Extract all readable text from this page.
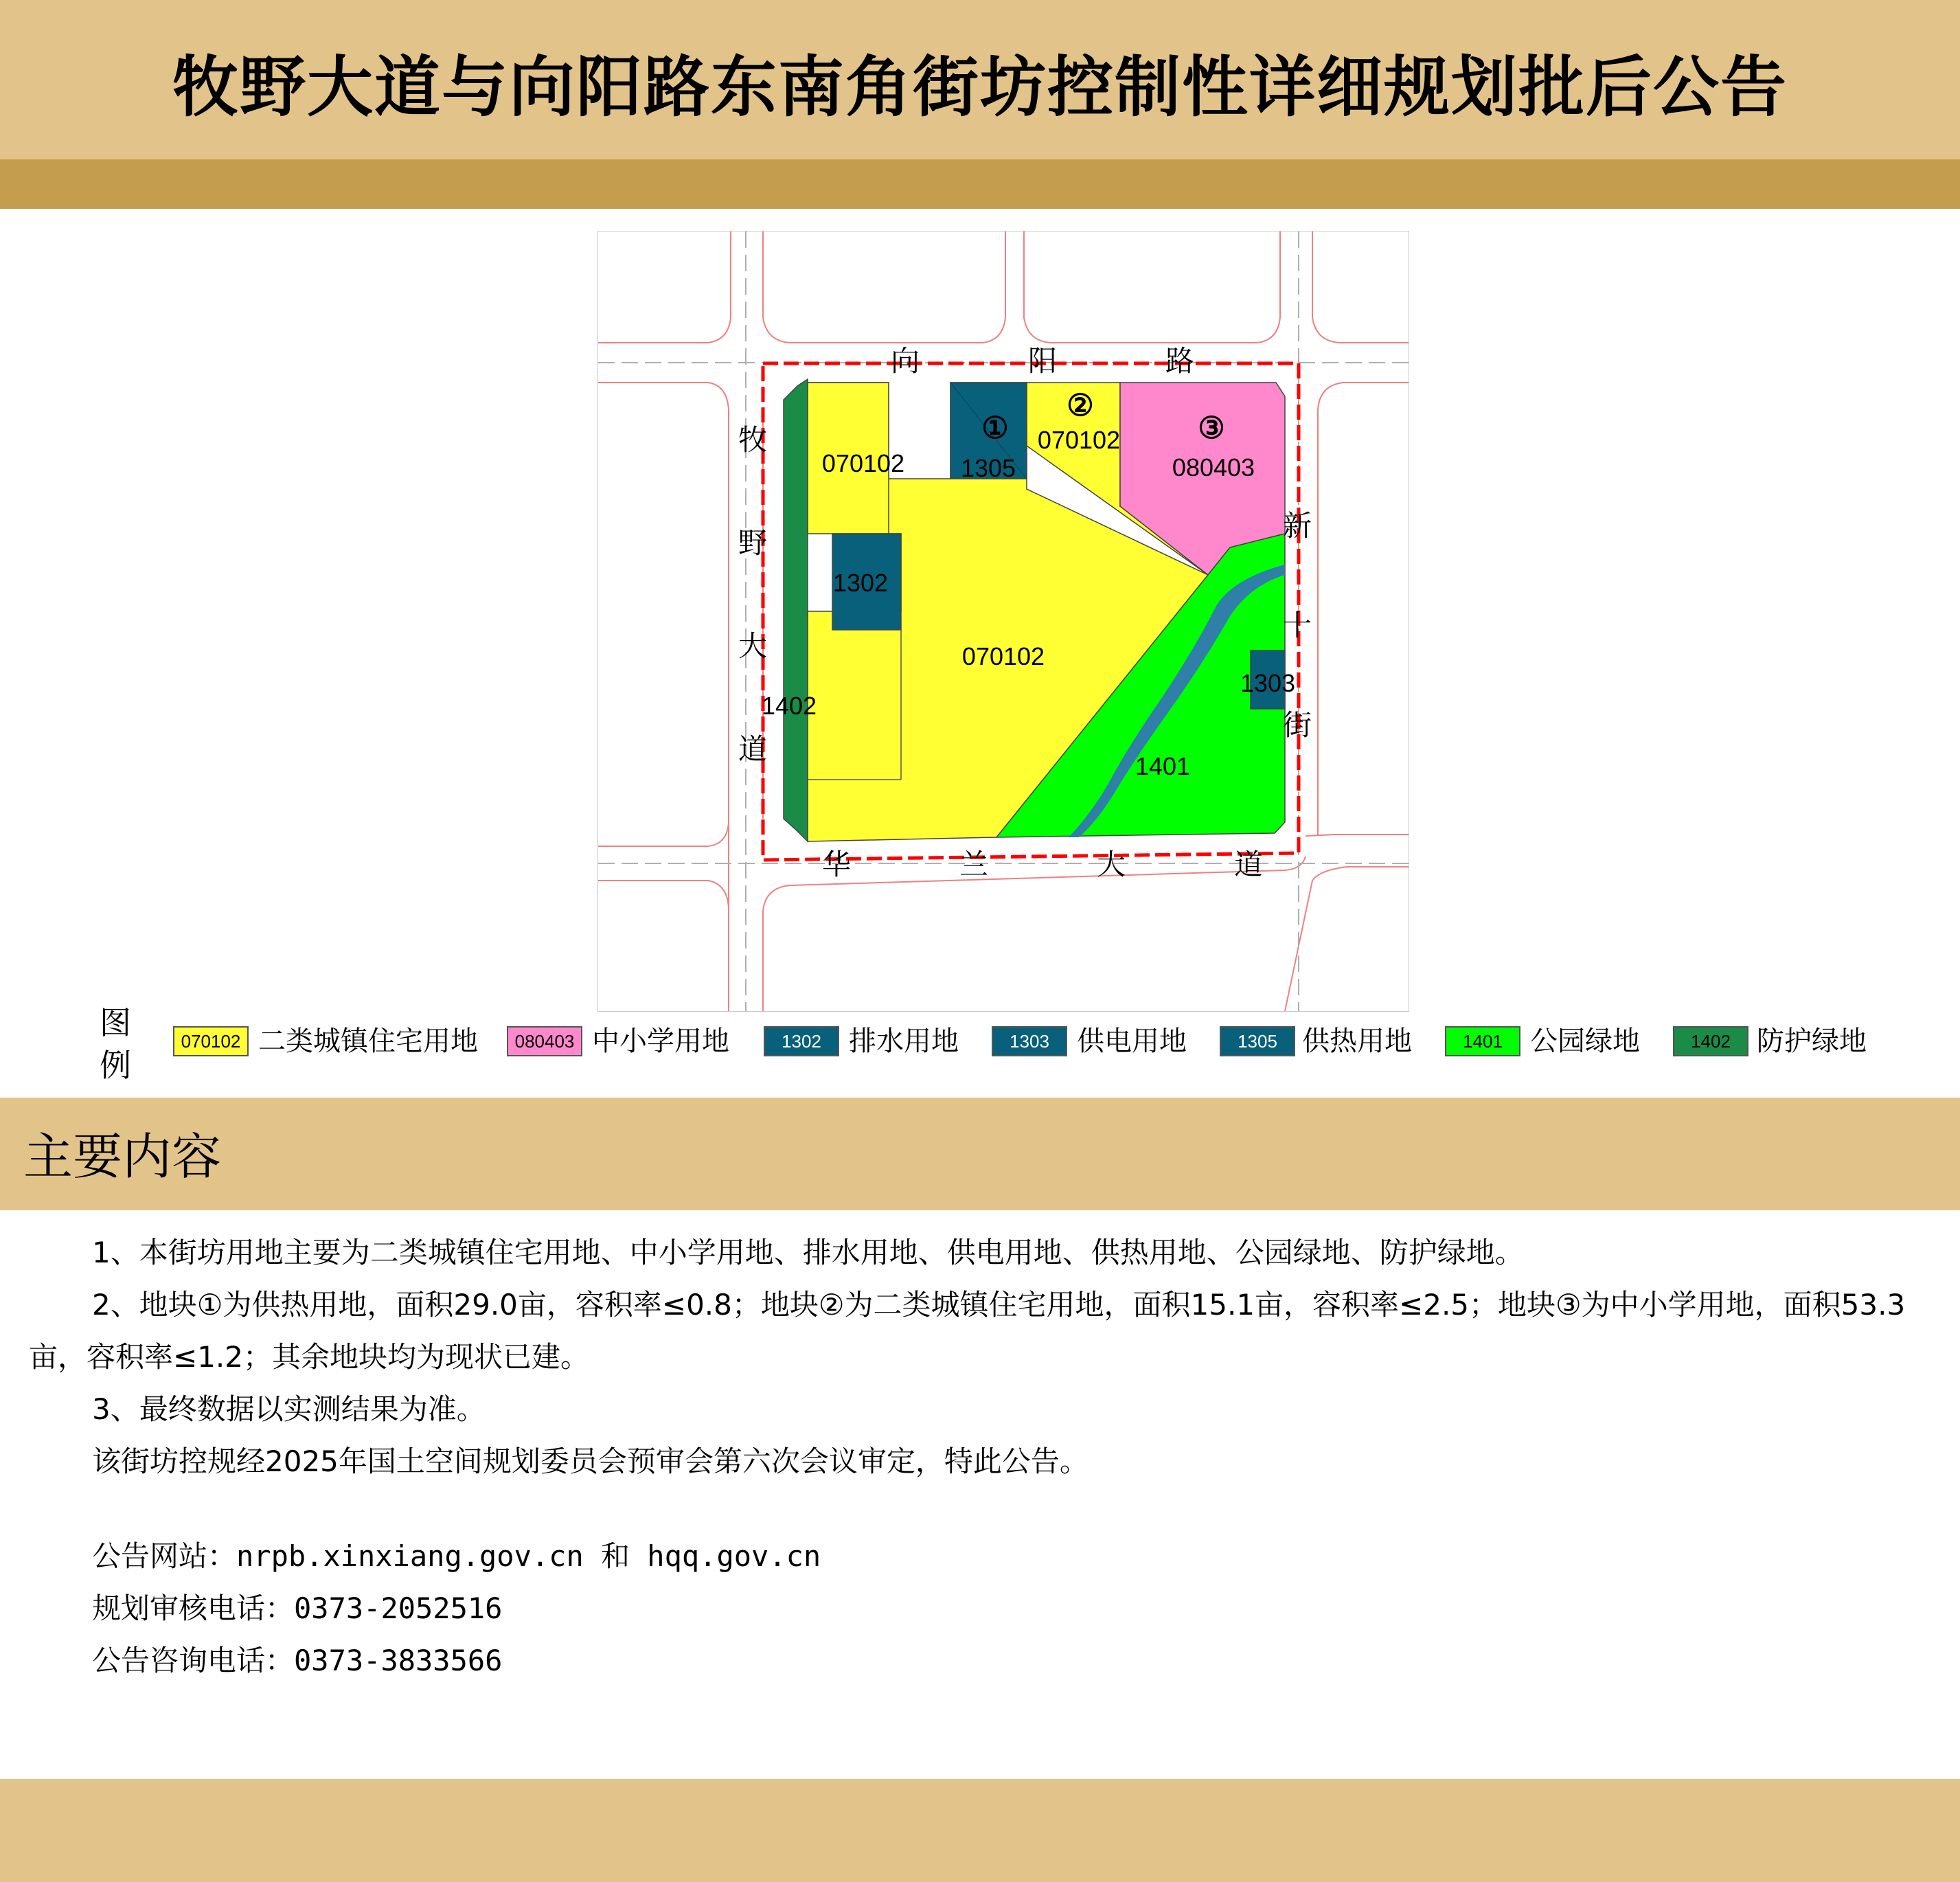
牧野大道与向阳路东南角街坊控制性详细规划批后公告
向	阳	路
牧
野
大
道
华	兰	大	道
新
十
街
070102
①
1305
②
070102	③
080403
1302
070102
1402
1303
1401
图
例
070102 二类城镇住宅用地	080403 中小学用地	1302	排水用地	1303	供电用地	1305 供热用地	1401	公园绿地	1402 防护绿地
主要内容

1、本街坊用地主要为二类城镇住宅用地、中小学用地、排水用地、供电用地、供热用地、公园绿地、防护绿地。

2、地块①为供热用地，面积29.0亩，容积率≤0.8；地块②为二类城镇住宅用地，面积15.1亩，容积率≤2.5；地块③为中小学用地，面积53.3亩，容积率≤1.2；其余地块均为现状已建。

3、最终数据以实测结果为准。

该街坊控规经2025年国土空间规划委员会预审会第六次会议审定，特此公告。

公告网站：nrpb.xinxiang.gov.cn 和 hqq.gov.cn

规划审核电话：0373-2052516

公告咨询电话：0373-3833566
